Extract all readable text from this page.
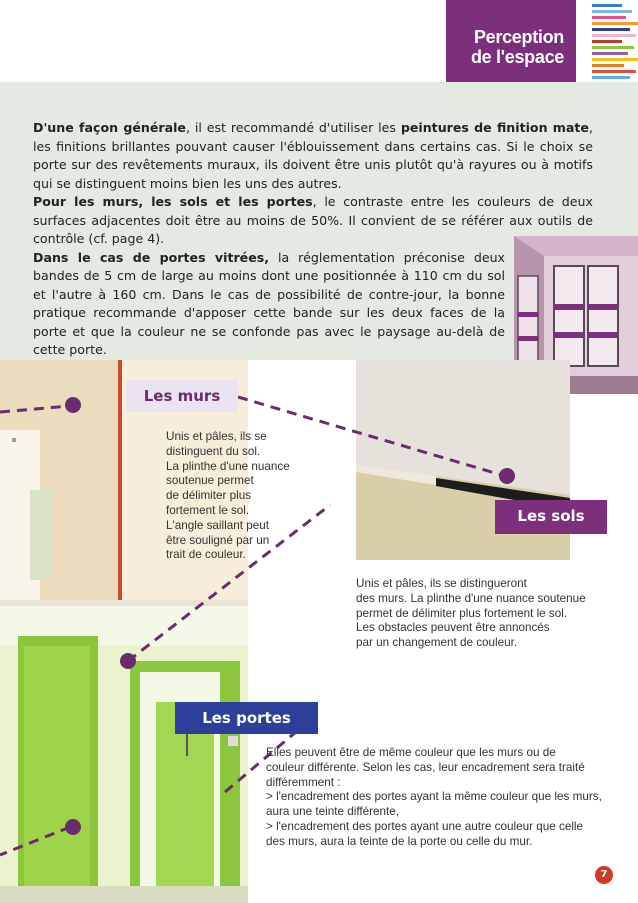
Perception
de l'espace

D'une façon générale, il est recommandé d'utiliser les peintures de finition mate, les finitions brillantes pouvant causer l'éblouissement dans certains cas. Si le choix se porte sur des revêtements muraux, ils doivent être unis plutôt qu'à rayures ou à motifs qui se distinguent moins bien les uns des autres.

Pour les murs, les sols et les portes, le contraste entre les couleurs de deux surfaces adjacentes doit être au moins de 50%. Il convient de se référer aux outils de contrôle (cf. page 4).

Dans le cas de portes vitrées, la réglementation préconise deux bandes de 5 cm de large au moins dont une positionnée à 110 cm du sol et l'autre à 160 cm. Dans le cas de possibilité de contre-jour, la bonne pratique recommande d'apposer cette bande sur les deux faces de la porte et que la couleur ne se confonde pas avec le paysage au-delà de cette porte.

Les murs
Les sols
Les portes
Unis et pâles, ils se
distinguent du sol.
La plinthe d'une nuance
soutenue permet
de délimiter plus
fortement le sol.
L'angle saillant peut
être souligné par un
trait de couleur.
Unis et pâles, ils se distingueront
des murs. La plinthe d'une nuance soutenue
permet de délimiter plus fortement le sol.
Les obstacles peuvent être annoncés
par un changement de couleur.
Elles peuvent être de même couleur que les murs ou de
couleur différente. Selon les cas, leur encadrement sera traité
différemment :
> l'encadrement des portes ayant la même couleur que les murs,
aura une teinte différente,
> l'encadrement des portes ayant une autre couleur que celle
des murs, aura la teinte de la porte ou celle du mur.
7
